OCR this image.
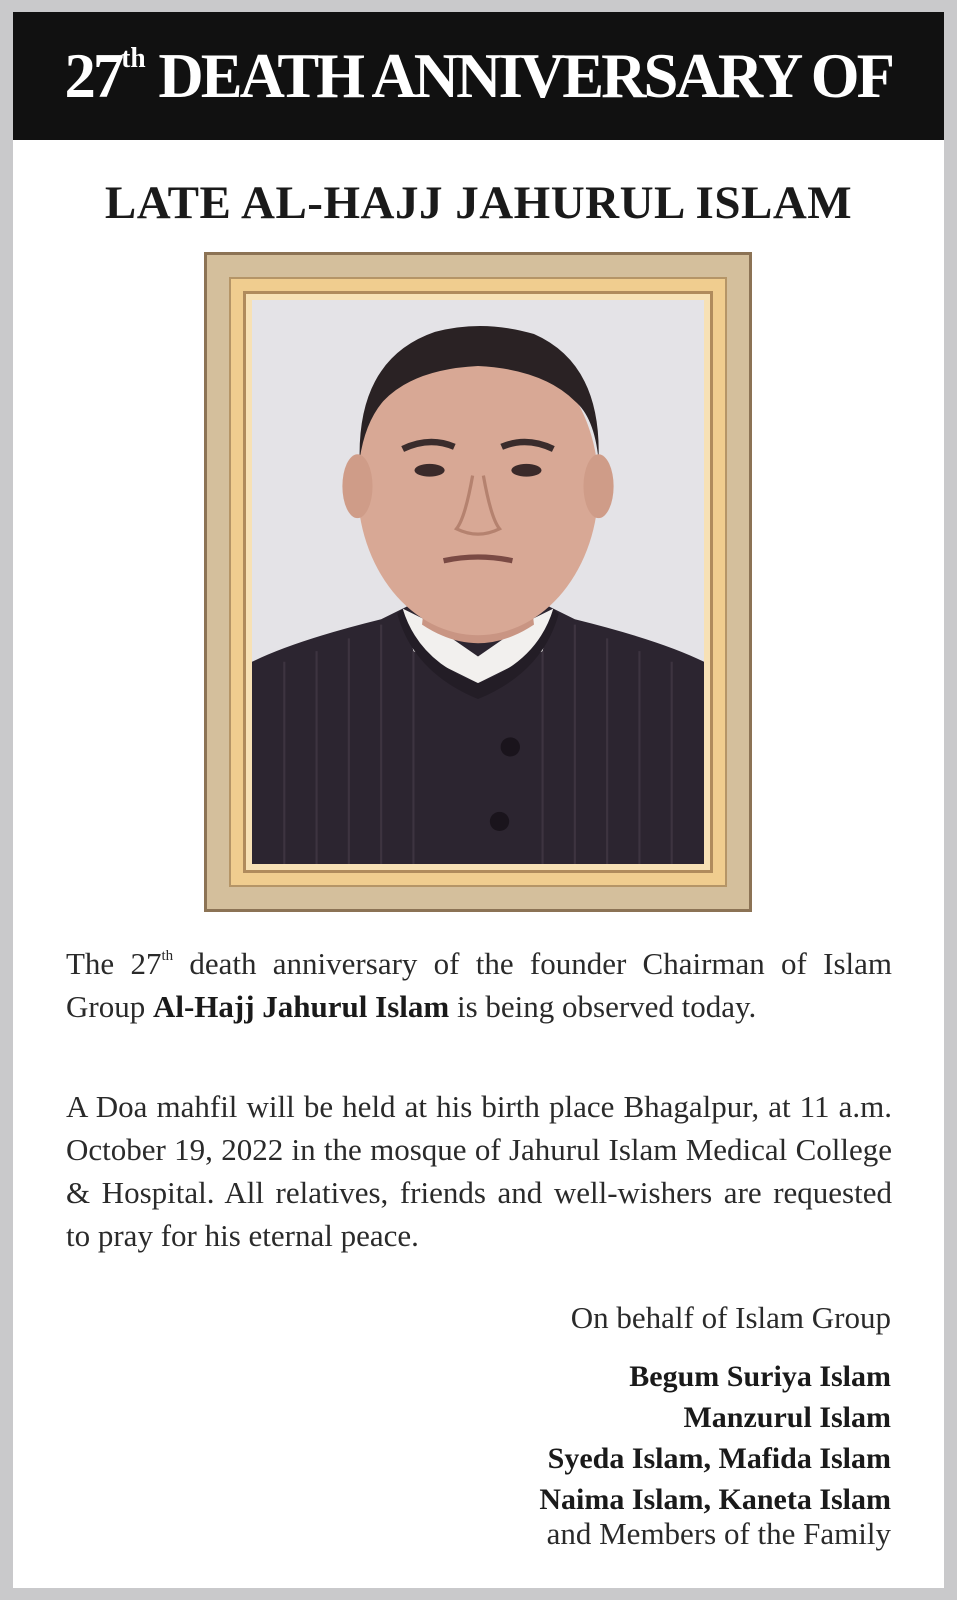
27th DEATH ANNIVERSARY OF
LATE AL-HAJJ JAHURUL ISLAM
The 27th death anniversary of the founder Chairman of Islam Group Al-Hajj Jahurul Islam is being observed today.
A Doa mahfil will be held at his birth place Bhagalpur, at 11 a.m. October 19, 2022 in the mosque of Jahurul Islam Medical College & Hospital. All relatives, friends and well-wishers are requested to pray for his eternal peace.
On behalf of Islam Group
Begum Suriya Islam
Manzurul Islam
Syeda Islam, Mafida Islam
Naima Islam, Kaneta Islam
and Members of the Family
